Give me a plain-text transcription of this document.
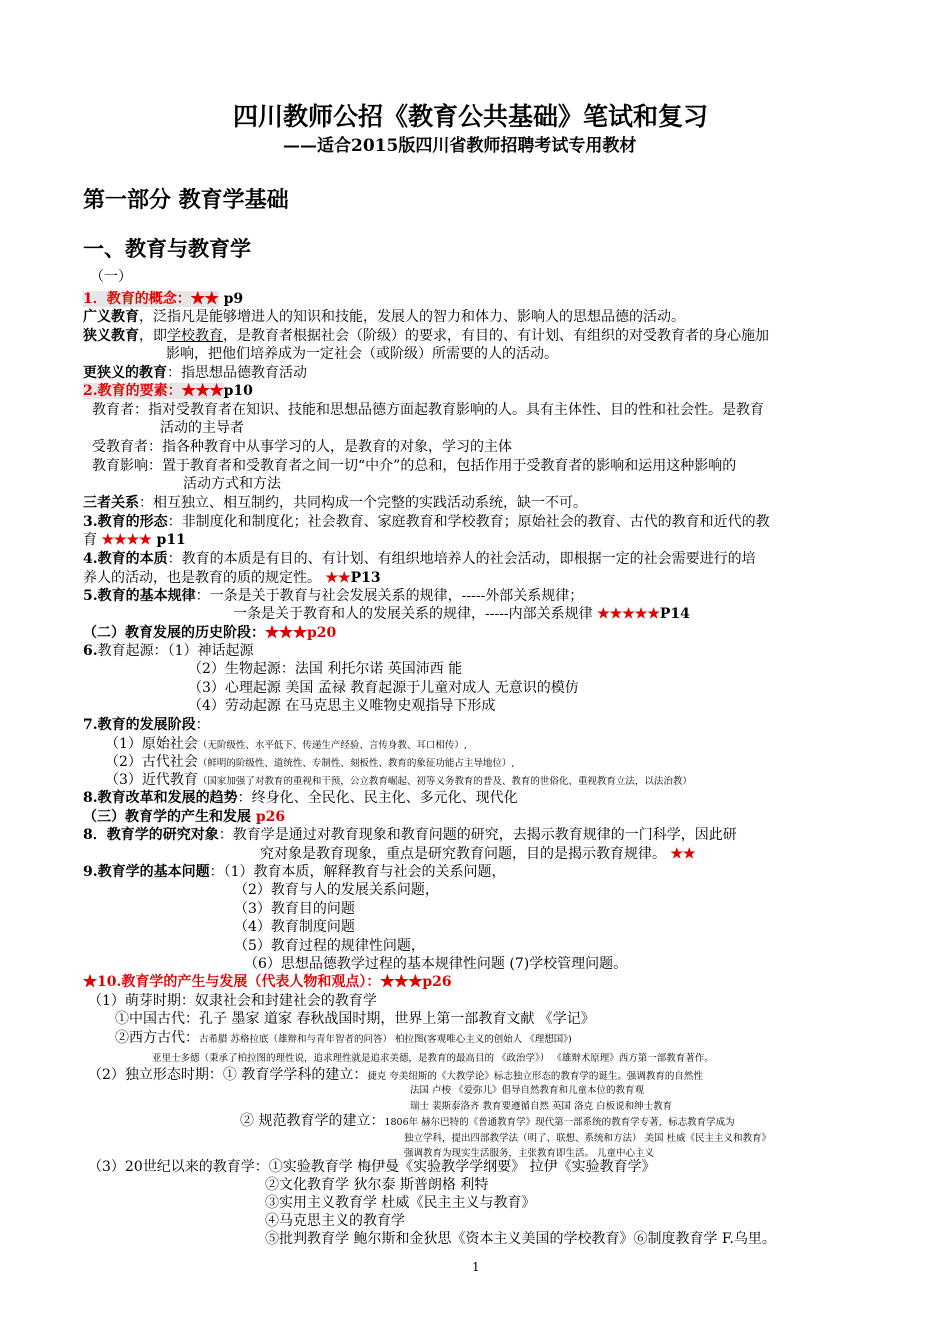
四川教师公招《教育公共基础》笔试和复习
——适合2015版四川省教师招聘考试专用教材
第一部分 教育学基础
一、教育与教育学
（一）
1．教育的概念：★★ p9
广义教育，泛指凡是能够增进人的知识和技能，发展人的智力和体力、影响人的思想品德的活动。
狭义教育，即学校教育，是教育者根据社会（阶级）的要求，有目的、有计划、有组织的对受教育者的身心施加
影响，把他们培养成为一定社会（或阶级）所需要的人的活动。
更狭义的教育：指思想品德教育活动
2.教育的要素：★★★p10
教育者：指对受教育者在知识、技能和思想品德方面起教育影响的人。具有主体性、目的性和社会性。是教育
活动的主导者
受教育者：指各种教育中从事学习的人，是教育的对象，学习的主体
教育影响：置于教育者和受教育者之间一切“中介”的总和，包括作用于受教育者的影响和运用这种影响的
活动方式和方法
三者关系：相互独立、相互制约，共同构成一个完整的实践活动系统，缺一不可。
3.教育的形态：非制度化和制度化；社会教育、家庭教育和学校教育；原始社会的教育、古代的教育和近代的教
育 ★★★★ p11
4.教育的本质：教育的本质是有目的、有计划、有组织地培养人的社会活动，即根据一定的社会需要进行的培
养人的活动，也是教育的质的规定性。 ★★P13
5.教育的基本规律：一条是关于教育与社会发展关系的规律，-----外部关系规律；
一条是关于教育和人的发展关系的规律，-----内部关系规律 ★★★★★P14
（二）教育发展的历史阶段：★★★p20
6.教育起源：（1）神话起源
（2）生物起源：法国 利托尔诺 英国沛西 能
（3）心理起源 美国 孟禄 教育起源于儿童对成人 无意识的模仿
（4）劳动起源 在马克思主义唯物史观指导下形成
7.教育的发展阶段：
（1）原始社会（无阶级性、水平低下、传递生产经验、言传身教、耳口相传）,
（2）古代社会（鲜明的阶级性、道统性、专制性、刻板性、教育的象征功能占主导地位）,
（3）近代教育（国家加强了对教育的重视和干预，公立教育崛起、初等义务教育的普及、教育的世俗化、重视教育立法，以法治教）
8.教育改革和发展的趋势：终身化、全民化、民主化、多元化、现代化
（三）教育学的产生和发展 p26
8．教育学的研究对象：教育学是通过对教育现象和教育问题的研究，去揭示教育规律的一门科学，因此研
究对象是教育现象，重点是研究教育问题，目的是揭示教育规律。 ★★
9.教育学的基本问题：（1）教育本质，解释教育与社会的关系问题，
（2）教育与人的发展关系问题，
（3）教育目的问题
（4）教育制度问题
（5）教育过程的规律性问题，
（6）思想品德教学过程的基本规律性问题 (7)学校管理问题。
★10.教育学的产生与发展（代表人物和观点）：★★★p26
（1）萌芽时期：奴隶社会和封建社会的教育学
①中国古代：孔子 墨家 道家 春秋战国时期，世界上第一部教育文献 《学记》
②西方古代：古希腊 苏格拉底（雄辩和与青年智者的问答） 柏拉图(客观唯心主义的创始人 《理想国》)
亚里士多德（秉承了柏拉图的理性说，追求理性就是追求美德，是教育的最高目的 《政治学》） 《雄辩术原理》西方第一部教育著作。
（2）独立形态时期：① 教育学学科的建立：捷克 夸美纽斯的《大教学论》标志独立形态的教育学的诞生。强调教育的自然性
法国 卢梭 《爱弥儿》倡导自然教育和儿童本位的教育观
瑞士 裴斯泰洛齐 教育要遵循自然 英国 洛克 白板说和绅士教育
② 规范教育学的建立：1806年 赫尔巴特的《普通教育学》现代第一部系统的教育学专著，标志教育学成为
独立学科，提出四部教学法（明了、联想、系统和方法） 美国 杜威《民主主义和教育》
强调教育为现实生活服务，主张教育即生活。 儿童中心主义
（3）20世纪以来的教育学：①实验教育学 梅伊曼《实验教学学纲要》 拉伊《实验教育学》
②文化教育学 狄尔泰 斯普朗格 利特
③实用主义教育学 杜威《民主主义与教育》
④马克思主义的教育学
⑤批判教育学 鲍尔斯和金狄思《资本主义美国的学校教育》⑥制度教育学 F.乌里。
1
